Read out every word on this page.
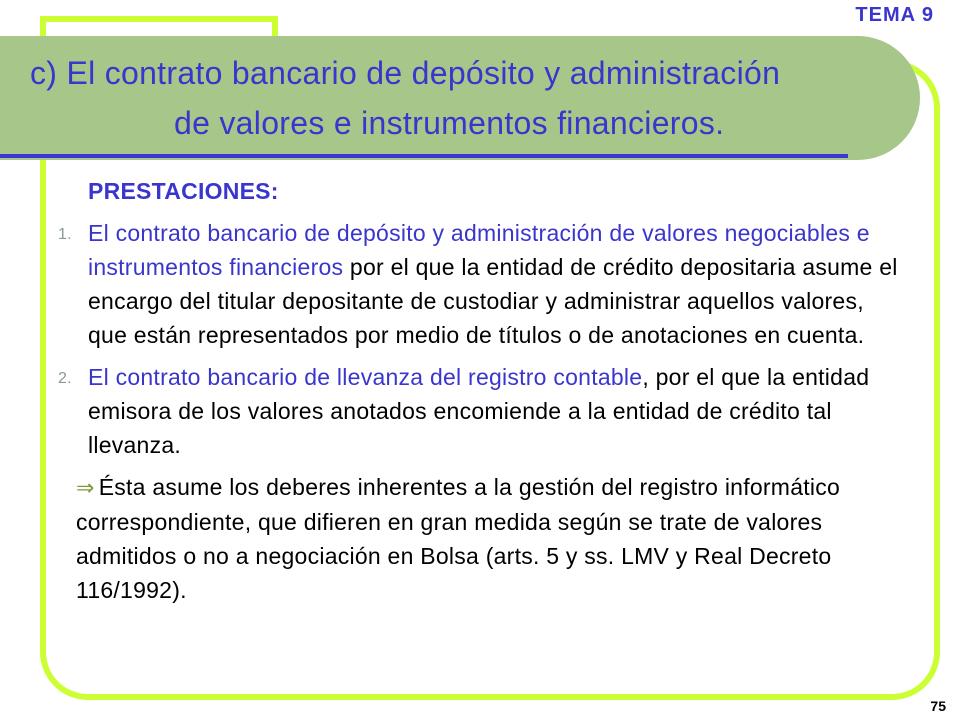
TEMA 9
c) El contrato bancario de depósito y administración
de valores e instrumentos financieros.
PRESTACIONES:
1. El contrato bancario de depósito y administración de valores negociables e instrumentos financieros por el que la entidad de crédito depositaria asume el encargo del titular depositante de custodiar y administrar aquellos valores, que están representados por medio de títulos o de anotaciones en cuenta.
2. El contrato bancario de llevanza del registro contable, por el que la entidad emisora de los valores anotados encomiende a la entidad de crédito tal llevanza.
⇒ Ésta asume los deberes inherentes a la gestión del registro informático correspondiente, que difieren en gran medida según se trate de valores admitidos o no a negociación en Bolsa (arts. 5 y ss. LMV y Real Decreto 116/1992).
75
